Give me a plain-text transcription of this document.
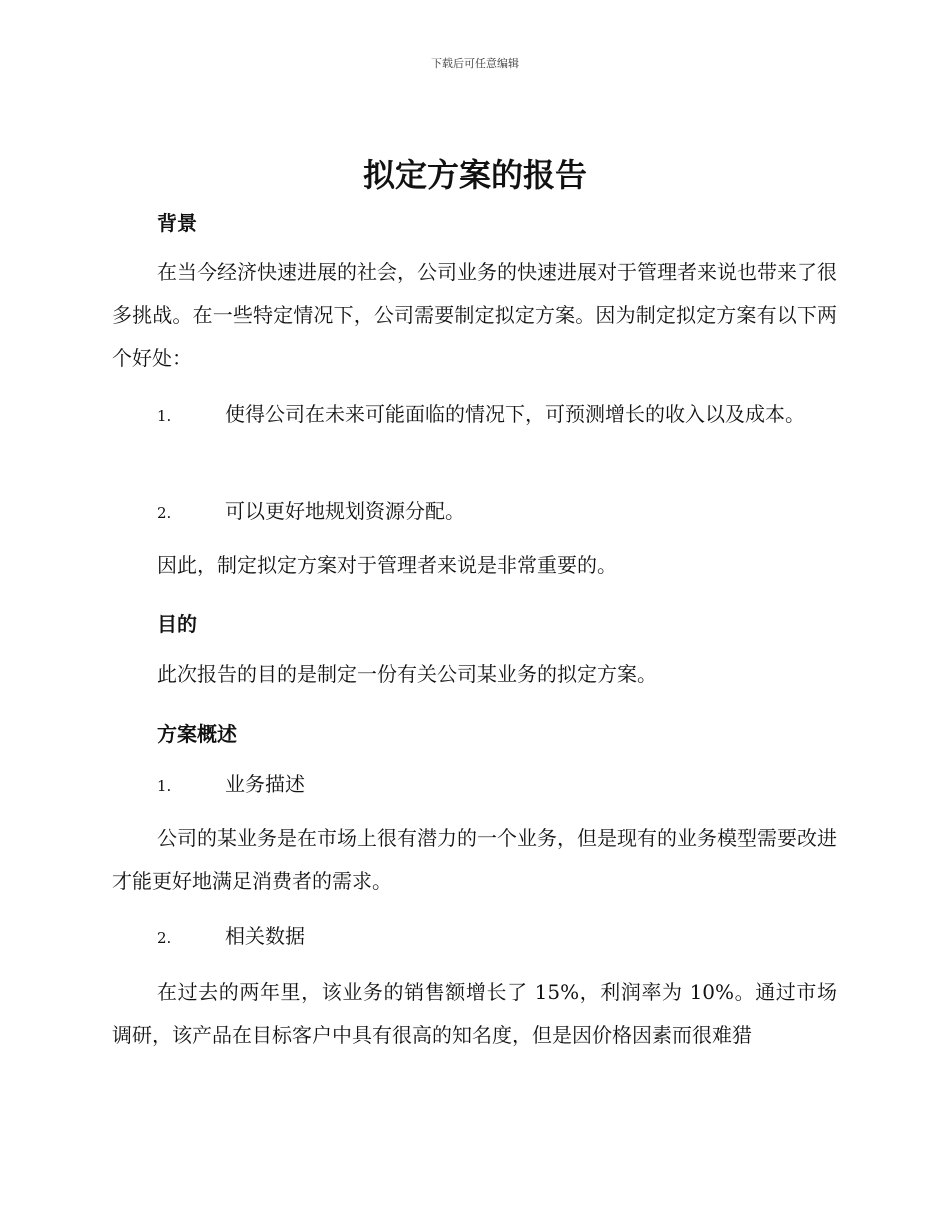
下载后可任意编辑
拟定方案的报告
背景

在当今经济快速进展的社会，公司业务的快速进展对于管理者来说也带来了很多挑战。在一些特定情况下，公司需要制定拟定方案。因为制定拟定方案有以下两个好处：

1.	使得公司在未来可能面临的情况下，可预测增长的收入以及成本。

2.	可以更好地规划资源分配。

因此，制定拟定方案对于管理者来说是非常重要的。

目的

此次报告的目的是制定一份有关公司某业务的拟定方案。

方案概述

1.	业务描述

公司的某业务是在市场上很有潜力的一个业务，但是现有的业务模型需要改进才能更好地满足消费者的需求。

2.	相关数据

在过去的两年里，该业务的销售额增长了 15%，利润率为 10%。通过市场调研，该产品在目标客户中具有很高的知名度，但是因价格因素而很难猎
